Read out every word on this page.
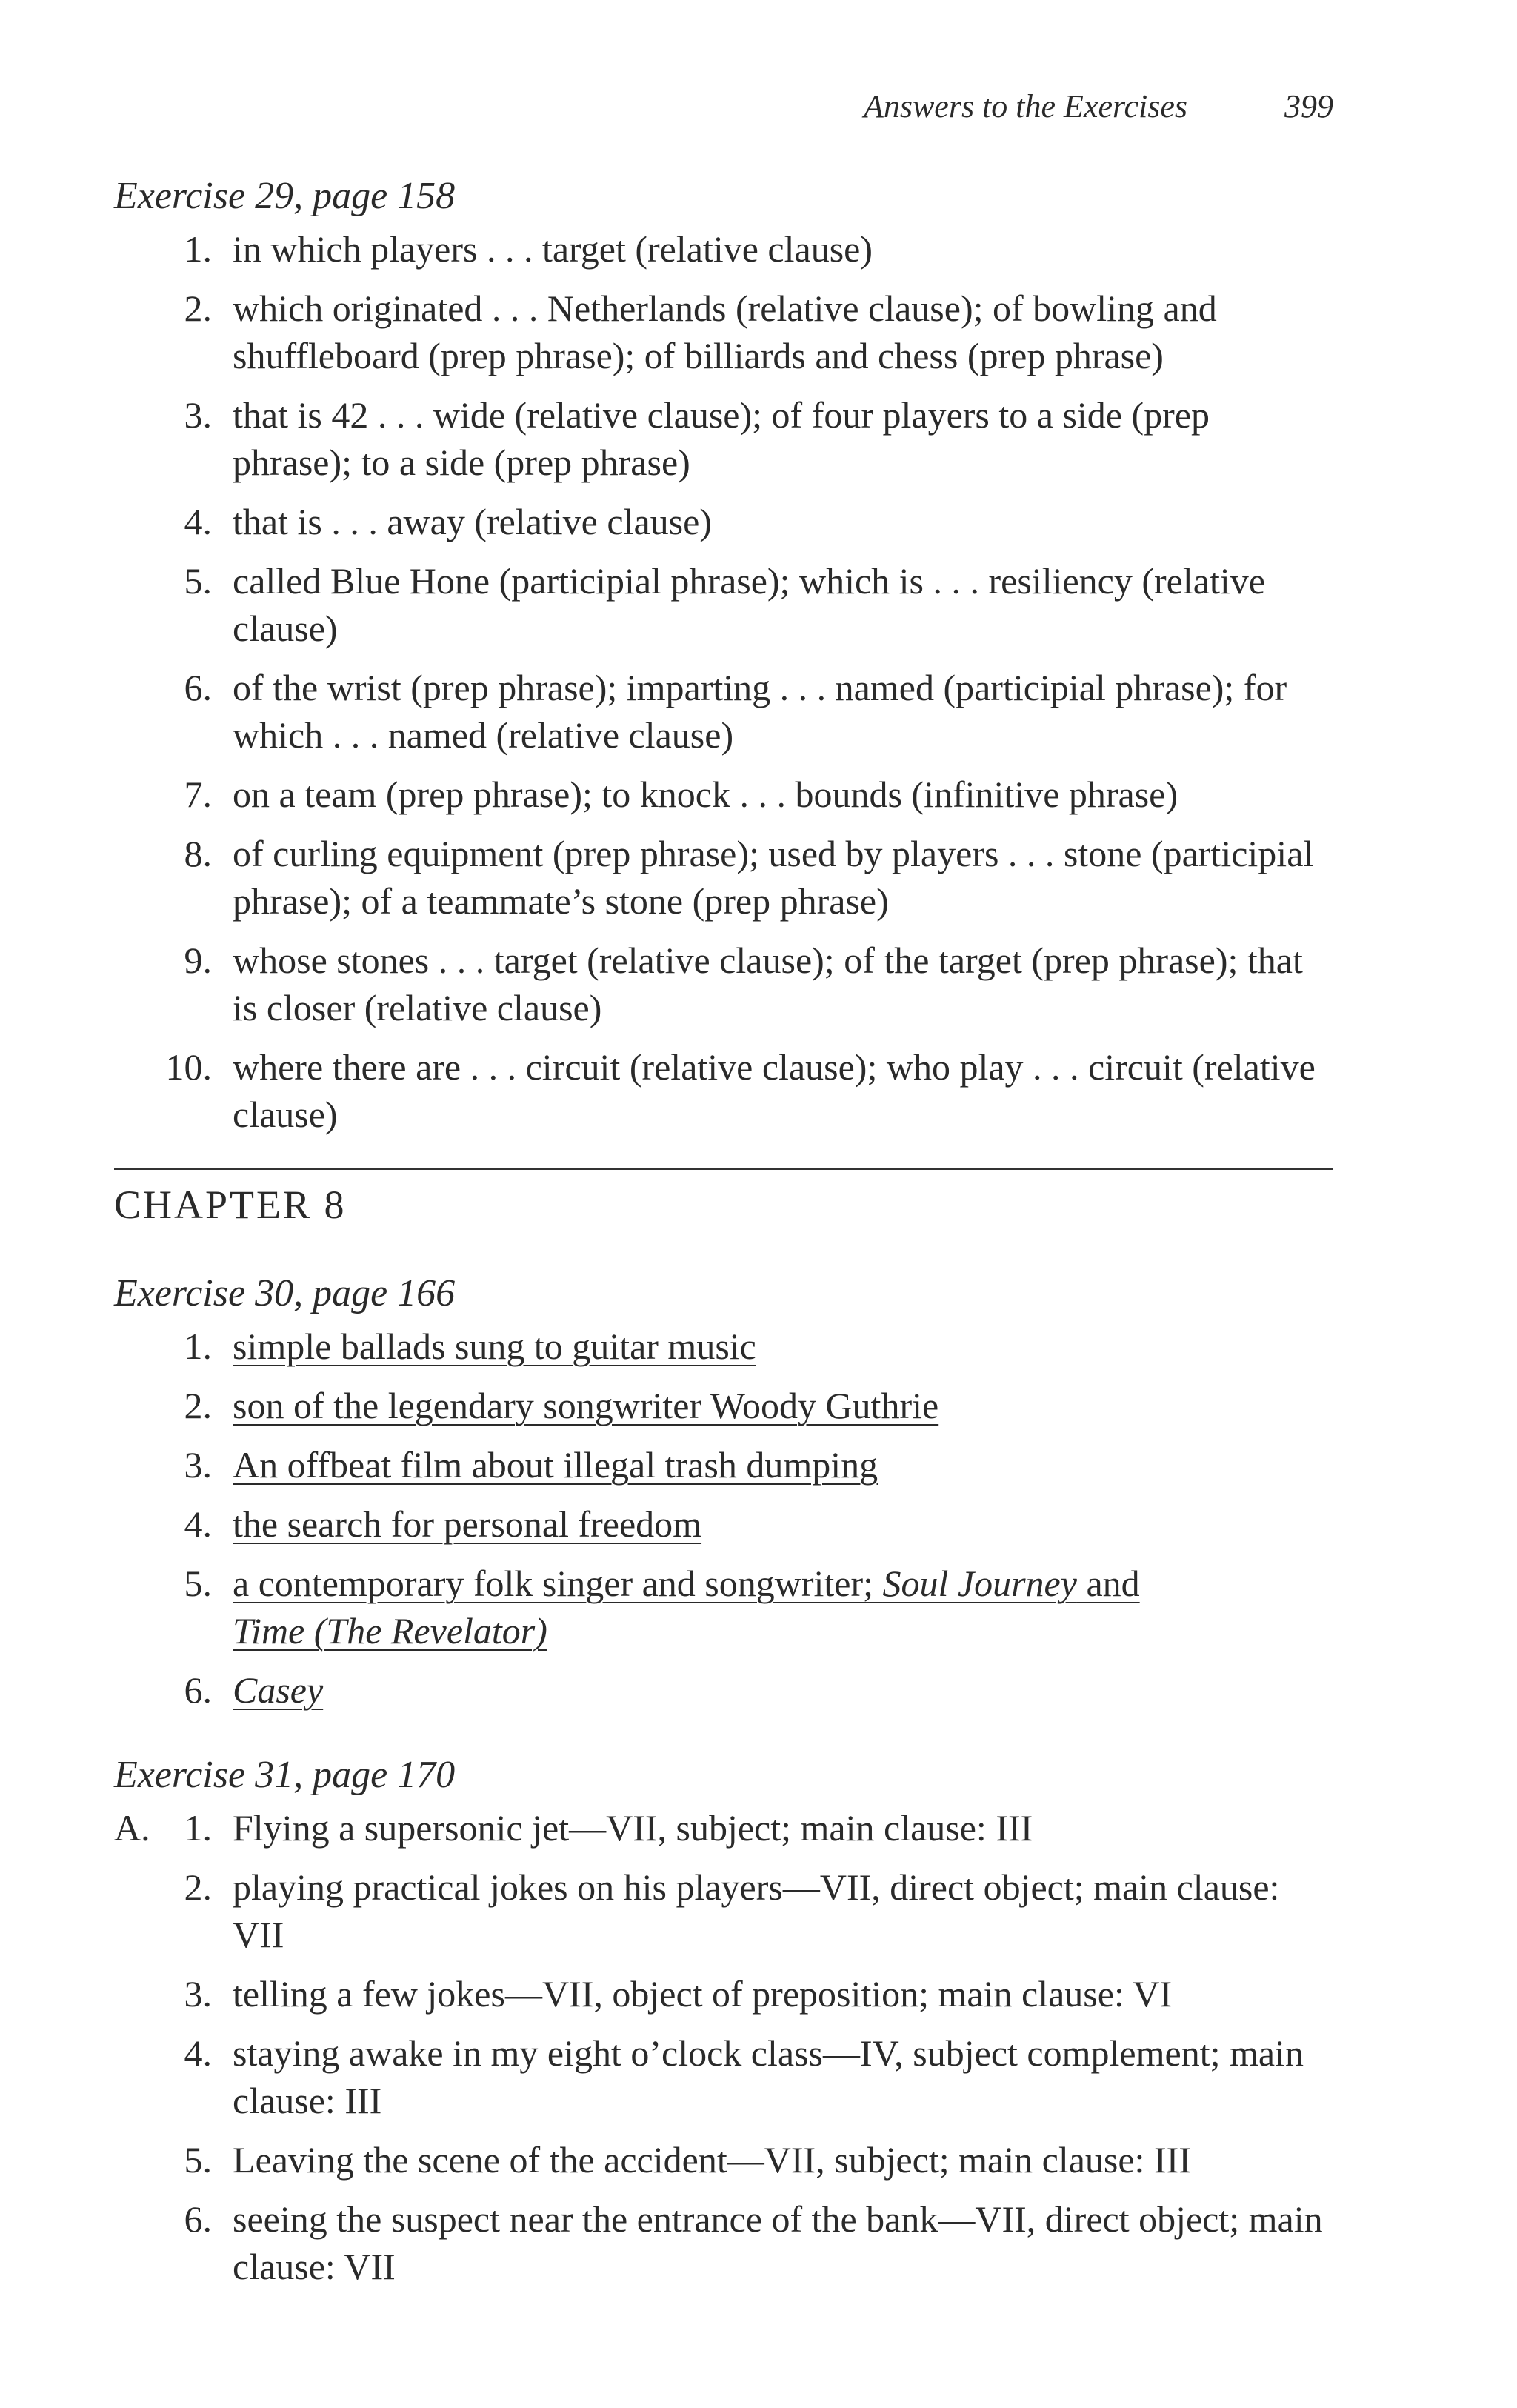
Answers to the Exercises	399
Exercise 29, page 158
1. in which players . . . target (relative clause)
2. which originated . . . Netherlands (relative clause); of bowling and shuffleboard (prep phrase); of billiards and chess (prep phrase)
3. that is 42 . . . wide (relative clause); of four players to a side (prep phrase); to a side (prep phrase)
4. that is . . . away (relative clause)
5. called Blue Hone (participial phrase); which is . . . resiliency (relative clause)
6. of the wrist (prep phrase); imparting . . . named (participial phrase); for which . . . named (relative clause)
7. on a team (prep phrase); to knock . . . bounds (infinitive phrase)
8. of curling equipment (prep phrase); used by players . . . stone (participial phrase); of a teammate’s stone (prep phrase)
9. whose stones . . . target (relative clause); of the target (prep phrase); that is closer (relative clause)
10. where there are . . . circuit (relative clause); who play . . . circuit (relative clause)
CHAPTER 8
Exercise 30, page 166
1. simple ballads sung to guitar music
2. son of the legendary songwriter Woody Guthrie
3. An offbeat film about illegal trash dumping
4. the search for personal freedom
5. a contemporary folk singer and songwriter; Soul Journey and
Time (The Revelator)
6. Casey
Exercise 31, page 170
A. 1. Flying a supersonic jet—VII, subject; main clause: III
2. playing practical jokes on his players—VII, direct object; main clause: VII
3. telling a few jokes—VII, object of preposition; main clause: VI
4. staying awake in my eight o’clock class—IV, subject complement; main clause: III
5. Leaving the scene of the accident—VII, subject; main clause: III
6. seeing the suspect near the entrance of the bank—VII, direct object; main clause: VII
